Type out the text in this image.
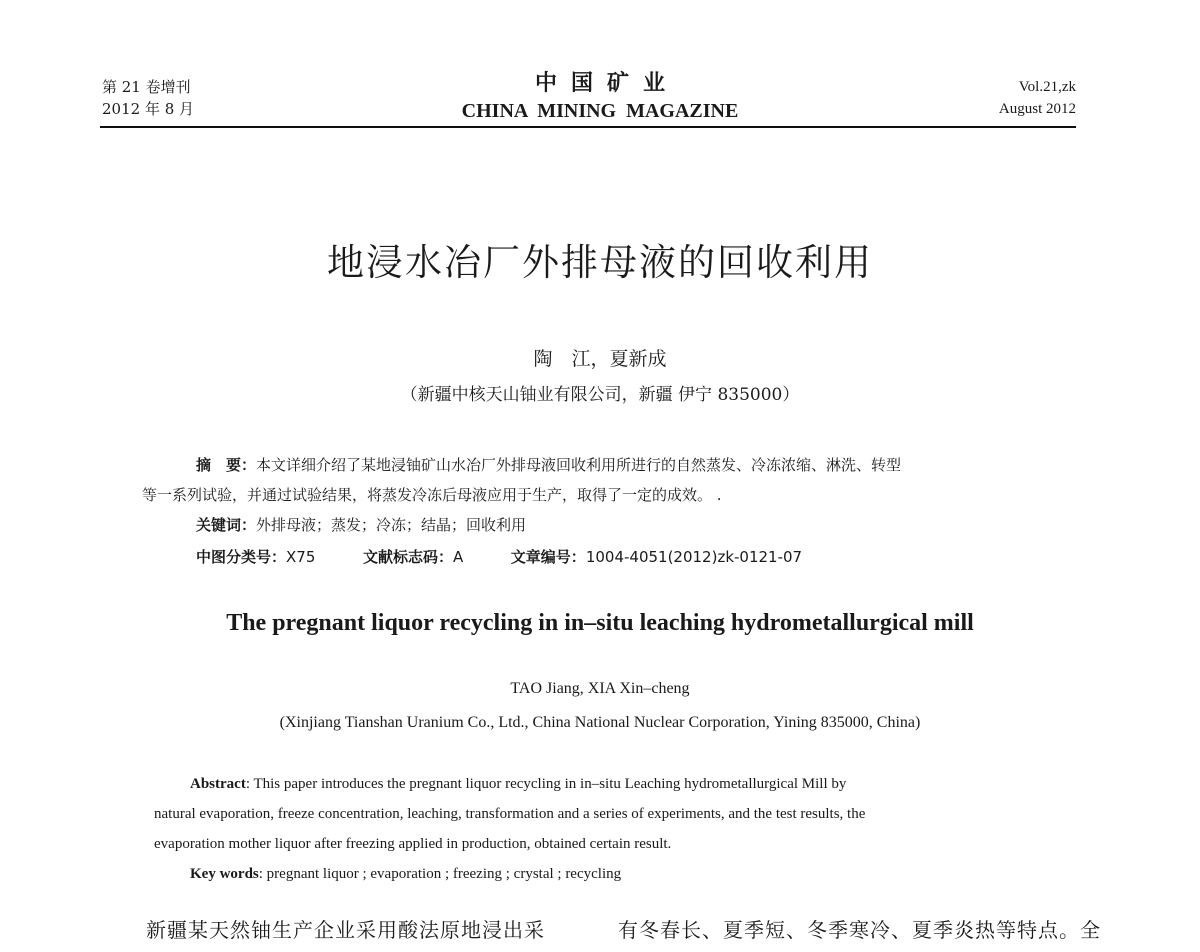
第 21 卷增刊
2012 年 8 月
中国矿业
CHINA MINING MAGAZINE
Vol.21,zk
August 2012
地浸水冶厂外排母液的回收利用
陶　江，夏新成
（新疆中核天山铀业有限公司，新疆 伊宁 835000）
摘　要：本文详细介绍了某地浸铀矿山水冶厂外排母液回收利用所进行的自然蒸发、冷冻浓缩、淋洗、转型
等一系列试验，并通过试验结果，将蒸发冷冻后母液应用于生产，取得了一定的成效。 .
关键词：外排母液；蒸发；冷冻；结晶；回收利用
中图分类号：X75	文献标志码：A	文章编号：1004-4051(2012)zk-0121-07
The pregnant liquor recycling in in–situ leaching hydrometallurgical mill
TAO Jiang, XIA Xin–cheng
(Xinjiang Tianshan Uranium Co., Ltd., China National Nuclear Corporation, Yining 835000, China)
Abstract: This paper introduces the pregnant liquor recycling in in–situ Leaching hydrometallurgical Mill by
natural evaporation, freeze concentration, leaching, transformation and a series of experiments, and the test results, the
evaporation mother liquor after freezing applied in production, obtained certain result.
Key words: pregnant liquor ; evaporation ; freezing ; crystal ; recycling
新疆某天然铀生产企业采用酸法原地浸出采	有冬春长、夏季短、冬季寒冷、夏季炎热等特点。全
